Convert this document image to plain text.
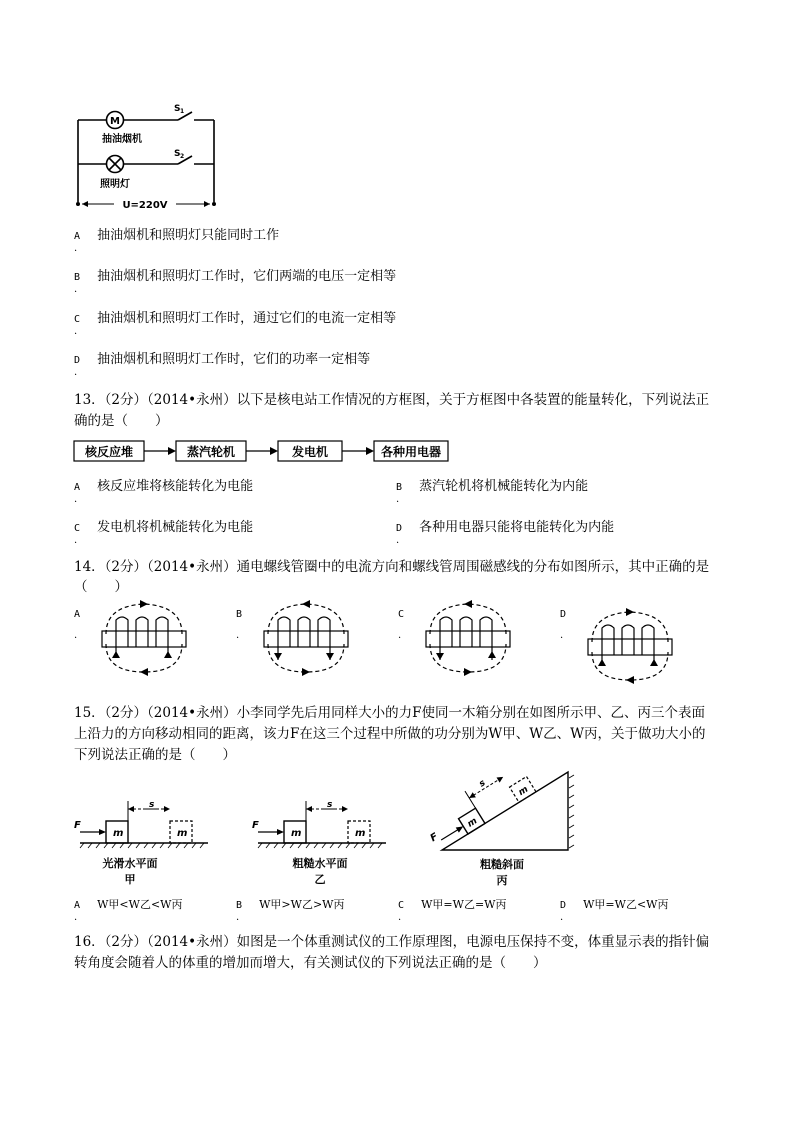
M
抽油烟机
照明灯
S 1
S 2
U=220V
A 抽油烟机和照明灯只能同时工作
.
B 抽油烟机和照明灯工作时，它们两端的电压一定相等
.
C 抽油烟机和照明灯工作时，通过它们的电流一定相等
.
D 抽油烟机和照明灯工作时，它们的功率一定相等
.
13．（2分）（2014•永州）以下是核电站工作情况的方框图，关于方框图中各装置的能量转化，下列说法正
确的是（　　）
核反应堆	蒸汽轮机	发电机	各种用电器
A 核反应堆将核能转化为电能
.
B 蒸汽轮机将机械能转化为内能
.
C 发电机将机械能转化为电能
.
D 各种用电器只能将电能转化为内能
.
14．（2分）（2014•永州）通电螺线管圈中的电流方向和螺线管周围磁感线的分布如图所示，其中正确的是
（　　）
A
.
B
.
C
.
D
.
15．（2分）（2014•永州）小李同学先后用同样大小的力F使同一木箱分别在如图所示甲、乙、丙三个表面
上沿力的方向移动相同的距离，该力F在这三个过程中所做的功分别为W甲、W乙、W丙，关于做功大小的
下列说法正确的是（　　）
F
m	m
s
光滑水平面
甲
F
m	m
s
粗糙水平面
乙
m
m
s
F
粗糙斜面
丙
A W甲<W乙<W丙
.
B W甲>W乙>W丙
.
C W甲=W乙=W丙
.
D W甲=W乙<W丙
.
16．（2分）（2014•永州）如图是一个体重测试仪的工作原理图，电源电压保持不变，体重显示表的指针偏
转角度会随着人的体重的增加而增大，有关测试仪的下列说法正确的是（　　）
